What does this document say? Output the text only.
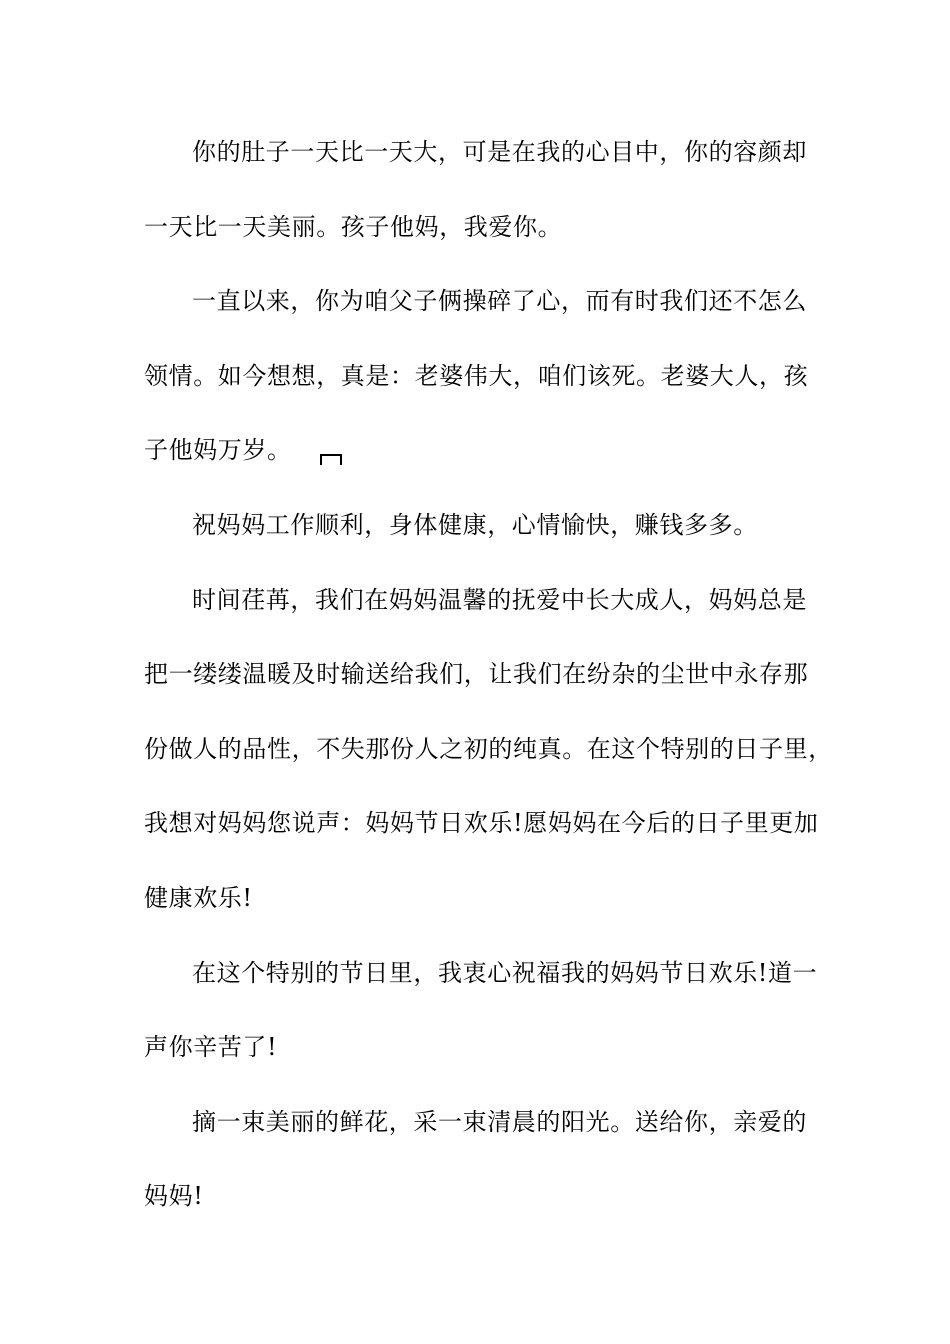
你的肚子一天比一天大，可是在我的心目中，你的容颜却
一天比一天美丽。孩子他妈，我爱你。
一直以来，你为咱父子俩操碎了心，而有时我们还不怎么
领情。如今想想，真是：老婆伟大，咱们该死。老婆大人，孩
子他妈万岁。
祝妈妈工作顺利，身体健康，心情愉快，赚钱多多。
时间荏苒，我们在妈妈温馨的抚爱中长大成人，妈妈总是
把一缕缕温暖及时输送给我们，让我们在纷杂的尘世中永存那
份做人的品性，不失那份人之初的纯真。在这个特别的日子里，
我想对妈妈您说声：妈妈节日欢乐!愿妈妈在今后的日子里更加
健康欢乐!
在这个特别的节日里，我衷心祝福我的妈妈节日欢乐!道一
声你辛苦了!
摘一束美丽的鲜花，采一束清晨的阳光。送给你，亲爱的
妈妈!
